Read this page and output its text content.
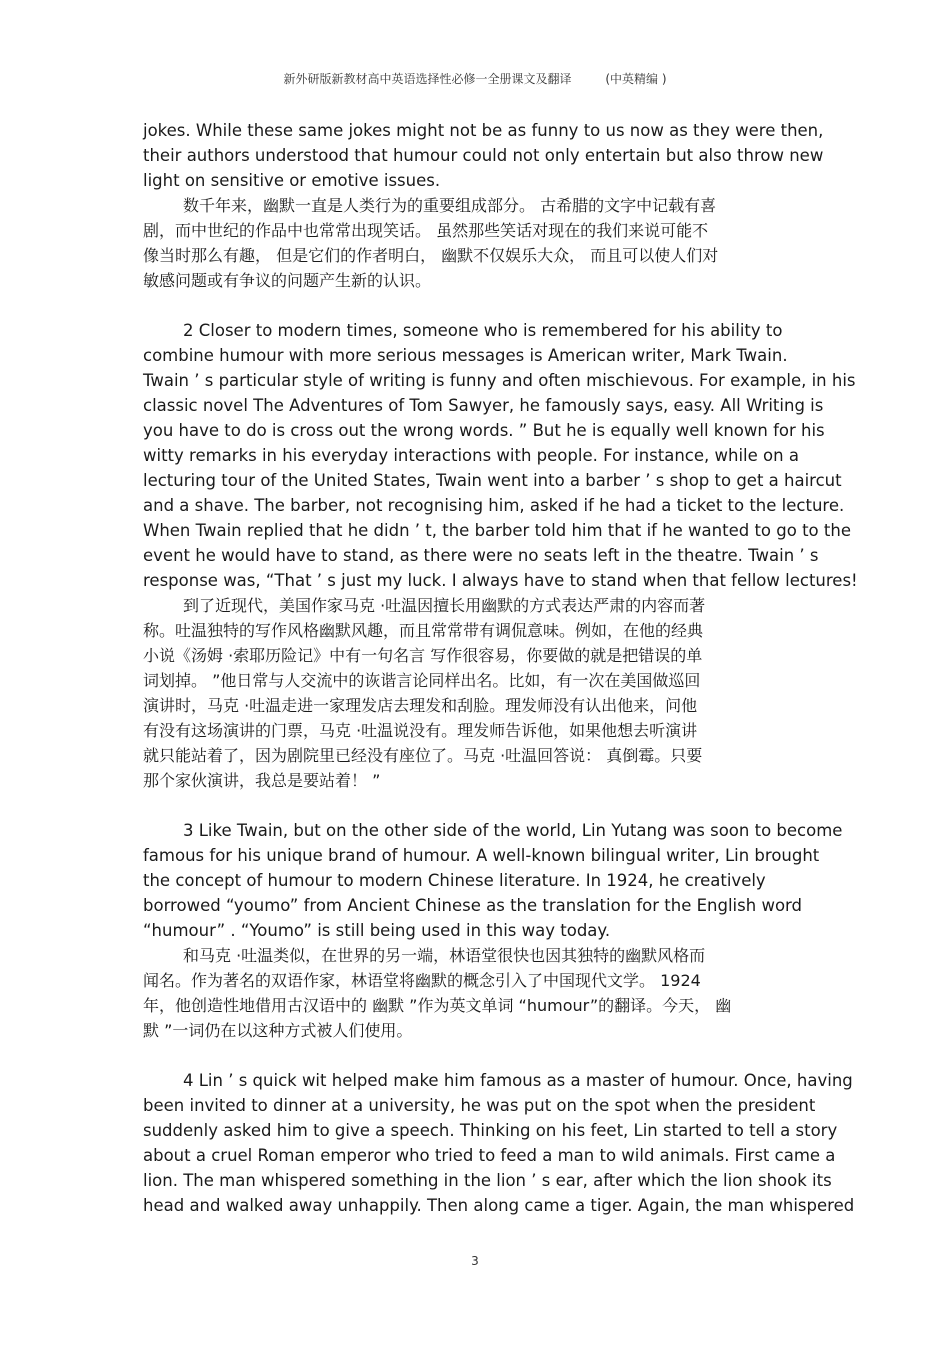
新外研版新教材高中英语选择性必修一全册课文及翻译	(中英精编 )
jokes. While these same jokes might not be as funny to us now as they were then,
their authors understood that humour could not only entertain but also throw new
light on sensitive or emotive issues.
数千年来，幽默一直是人类行为的重要组成部分。 古希腊的文字中记载有喜
剧，而中世纪的作品中也常常出现笑话。 虽然那些笑话对现在的我们来说可能不
像当时那么有趣， 但是它们的作者明白， 幽默不仅娱乐大众， 而且可以使人们对
敏感问题或有争议的问题产生新的认识。
2 Closer to modern times, someone who is remembered for his ability to
combine humour with more serious messages is American writer, Mark Twain.
Twain ’ s particular style of writing is funny and often mischievous. For example, in his
classic novel The Adventures of Tom Sawyer, he famously says, easy. All Writing is
you have to do is cross out the wrong words. ” But he is equally well known for his
witty remarks in his everyday interactions with people. For instance, while on a
lecturing tour of the United States, Twain went into a barber ’ s shop to get a haircut
and a shave. The barber, not recognising him, asked if he had a ticket to the lecture.
When Twain replied that he didn ’ t, the barber told him that if he wanted to go to the
event he would have to stand, as there were no seats left in the theatre. Twain ’ s
response was, “That ’ s just my luck. I always have to stand when that fellow lectures!
到了近现代，美国作家马克 ·吐温因擅长用幽默的方式表达严肃的内容而著
称。吐温独特的写作风格幽默风趣，而且常常带有调侃意味。例如，在他的经典
小说《汤姆 ·索耶历险记》中有一句名言 写作很容易，你要做的就是把错误的单
词划掉。 ”他日常与人交流中的诙谐言论同样出名。比如，有一次在美国做巡回
演讲时，马克 ·吐温走进一家理发店去理发和刮脸。理发师没有认出他来，问他
有没有这场演讲的门票，马克 ·吐温说没有。理发师告诉他，如果他想去听演讲
就只能站着了，因为剧院里已经没有座位了。马克 ·吐温回答说： 真倒霉。只要
那个家伙演讲，我总是要站着！ ”
3 Like Twain, but on the other side of the world, Lin Yutang was soon to become
famous for his unique brand of humour. A well-known bilingual writer, Lin brought
the concept of humour to modern Chinese literature. In 1924, he creatively
borrowed “youmo” from Ancient Chinese as the translation for the English word
“humour” . “Youmo” is still being used in this way today.
和马克 ·吐温类似，在世界的另一端，林语堂很快也因其独特的幽默风格而
闻名。作为著名的双语作家，林语堂将幽默的概念引入了中国现代文学。 1924
年，他创造性地借用古汉语中的 幽默 ”作为英文单词 “humour”的翻译。今天， 幽
默 ”一词仍在以这种方式被人们使用。
4 Lin ’ s quick wit helped make him famous as a master of humour. Once, having
been invited to dinner at a university, he was put on the spot when the president
suddenly asked him to give a speech. Thinking on his feet, Lin started to tell a story
about a cruel Roman emperor who tried to feed a man to wild animals. First came a
lion. The man whispered something in the lion ’ s ear, after which the lion shook its
head and walked away unhappily. Then along came a tiger. Again, the man whispered
3
